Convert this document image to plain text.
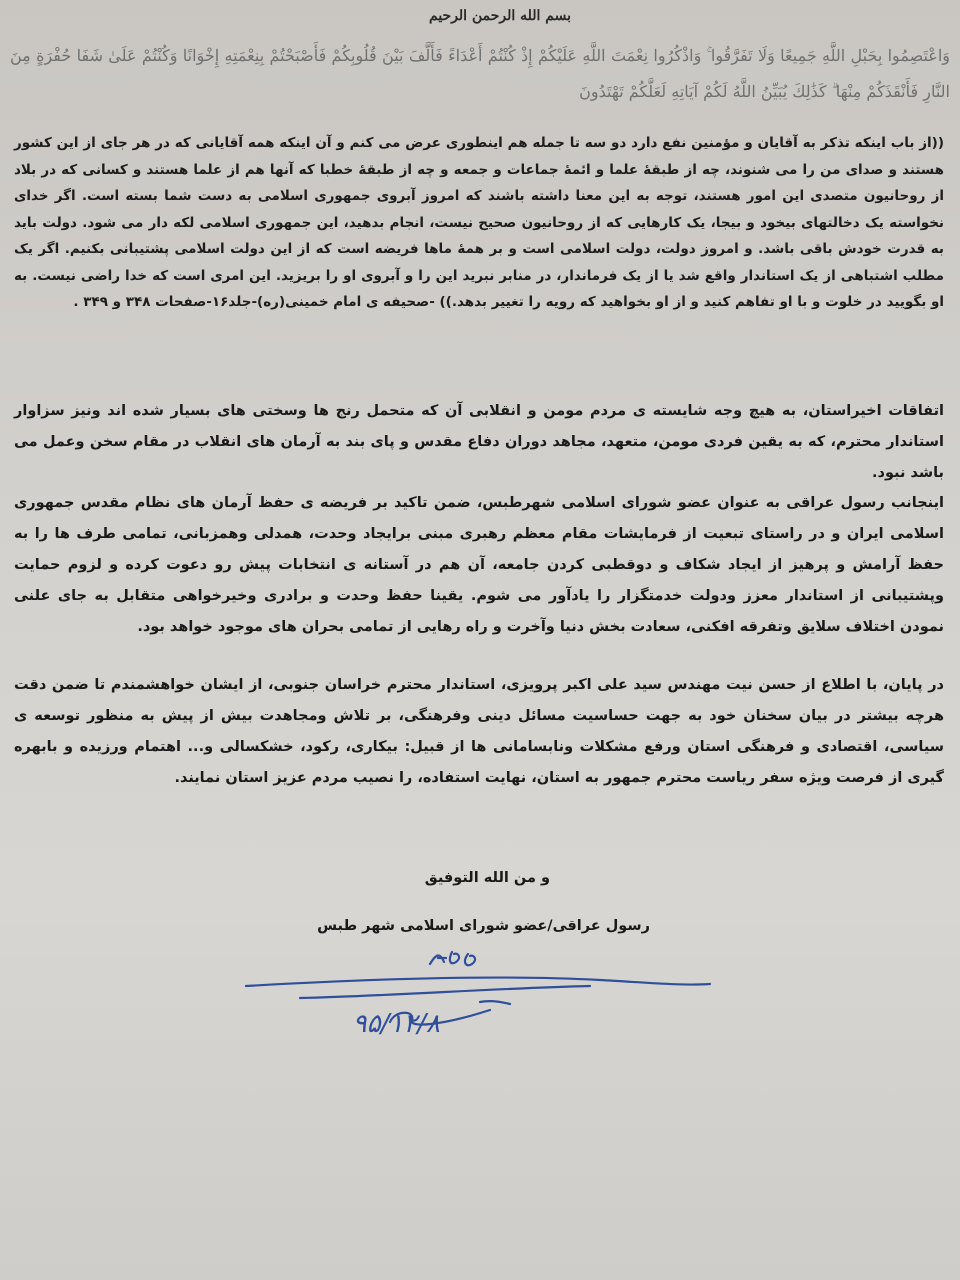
بسم الله الرحمن الرحیم
وَاعْتَصِمُوا بِحَبْلِ اللَّهِ جَمِيعًا وَلَا تَفَرَّقُوا ۚ وَاذْكُرُوا نِعْمَتَ اللَّهِ عَلَيْكُمْ إِذْ كُنْتُمْ أَعْدَاءً فَأَلَّفَ بَيْنَ قُلُوبِكُمْ فَأَصْبَحْتُمْ بِنِعْمَتِهِ إِخْوَانًا وَكُنْتُمْ عَلَىٰ شَفَا حُفْرَةٍ مِنَ النَّارِ فَأَنْقَذَكُمْ مِنْهَا ۗ كَذَٰلِكَ يُبَيِّنُ اللَّهُ لَكُمْ آيَاتِهِ لَعَلَّكُمْ تَهْتَدُونَ
((از باب اینکه تذکر به آقایان و مؤمنین نفع دارد دو سه تا جمله هم اینطوری عرض می کنم و آن اینکه همه آقایانی که در هر جای از این کشور هستند و صدای من را می شنوند، چه از طبقۀ علما و ائمۀ جماعات و جمعه و چه از طبقۀ خطبا که آنها هم از علما هستند و کسانی که در بلاد از روحانیون متصدی این امور هستند، توجه به این معنا داشته باشند که امروز آبروی جمهوری اسلامی به دست شما بسته است. اگر خدای نخواسته یک دخالتهای بیخود و بیجا، یک کارهایی که از روحانیون صحیح نیست، انجام بدهید، این جمهوری اسلامی لکه دار می شود. دولت باید به قدرت خودش باقی باشد. و امروز دولت، دولت اسلامی است و بر همۀ ماها فریضه است که از این دولت اسلامی پشتیبانی بکنیم. اگر یک مطلب اشتباهی از یک استاندار واقع شد یا از یک فرماندار، در منابر نبرید این را و آبروی او را بریزید. این امری است که خدا راضی نیست. به او بگویید در خلوت و با او تفاهم کنید و از او بخواهید که رویه را تغییر بدهد.)) -صحیفه ی امام خمینی(ره)-جلد۱۶-صفحات ۳۴۸ و ۳۴۹ .
اتفاقات اخیراستان، به هیچ وجه شایسته ی مردم مومن و انقلابی آن که متحمل رنج ها وسختی های بسیار شده اند ونیز سزاوار استاندار محترم، که به یقین فردی مومن، متعهد، مجاهد دوران دفاع مقدس و پای بند به آرمان های انقلاب در مقام سخن وعمل می باشد نبود.
اینجانب رسول عراقی به عنوان عضو شورای اسلامی شهرطبس، ضمن تاکید بر فریضه ی حفظ آرمان های نظام مقدس جمهوری اسلامی ایران و در راستای تبعیت از فرمایشات مقام معظم رهبری مبنی برایجاد وحدت، همدلی وهمزبانی، تمامی طرف ها را به حفظ آرامش و پرهیز از ایجاد شکاف و دوقطبی کردن جامعه، آن هم در آستانه ی انتخابات پیش رو دعوت کرده و لزوم حمایت وپشتیبانی از استاندار معزز ودولت خدمتگزار را یادآور می شوم. یقینا حفظ وحدت و برادری وخیرخواهی متقابل به جای علنی نمودن اختلاف سلایق وتفرقه افکنی، سعادت بخش دنیا وآخرت و راه رهایی از تمامی بحران های موجود خواهد بود.
در پایان، با اطلاع از حسن نیت مهندس سید علی اکبر پرویزی، استاندار محترم خراسان جنوبی، از ایشان خواهشمندم تا ضمن دقت هرچه بیشتر در بیان سخنان خود به جهت حساسیت مسائل دینی وفرهنگی، بر تلاش ومجاهدت بیش از پیش به منظور توسعه ی سیاسی، اقتصادی و فرهنگی استان ورفع مشکلات ونابسامانی ها از قبیل: بیکاری، رکود، خشکسالی و... اهتمام ورزیده و بابهره گیری از فرصت ویژه سفر ریاست محترم جمهور به استان، نهایت استفاده، را نصیب مردم عزیز استان نمایند.
و من الله التوفیق
رسول عراقی/عضو شورای اسلامی شهر طبس
۹۵/۱۲/۸
